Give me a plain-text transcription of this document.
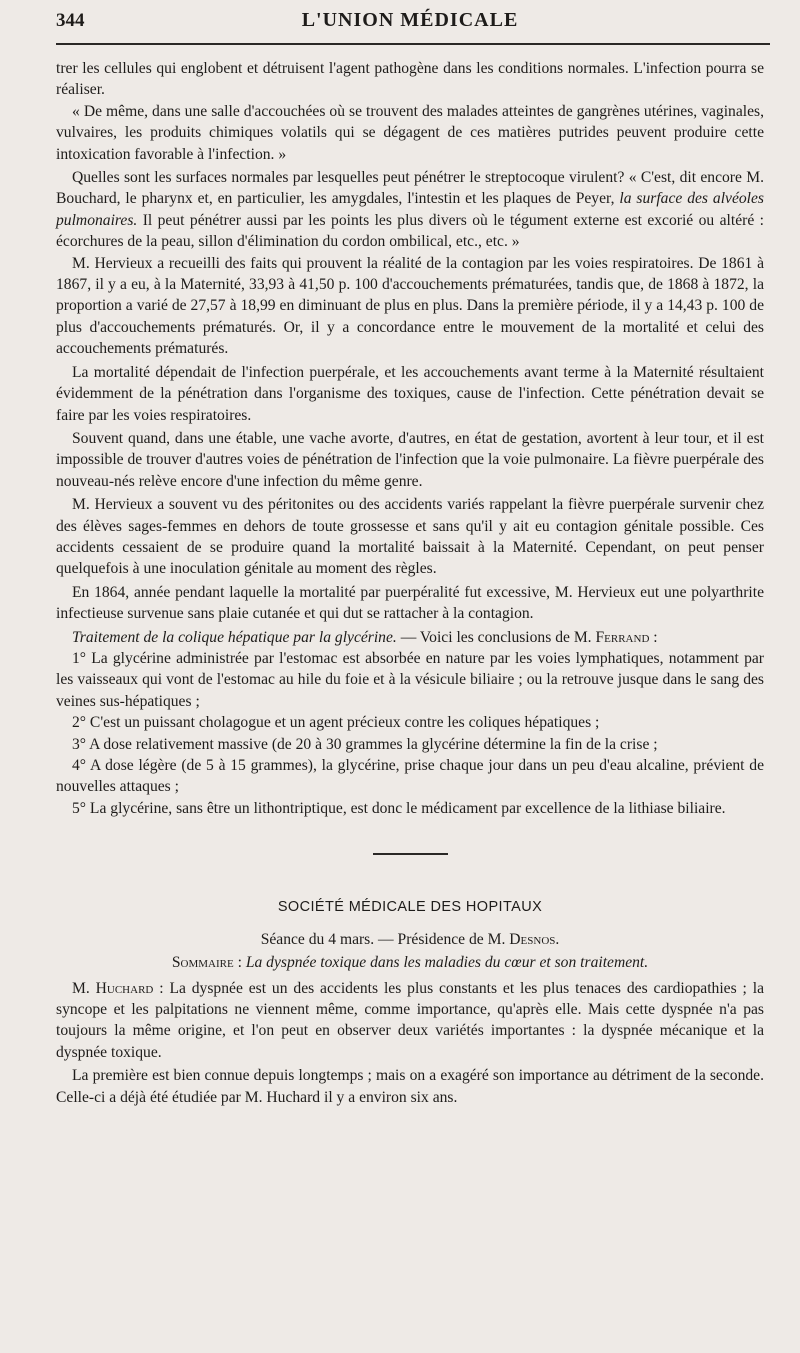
344	L'UNION MÉDICALE

trer les cellules qui englobent et détruisent l'agent pathogène dans les conditions normales. L'infection pourra se réaliser.

« De même, dans une salle d'accouchées où se trouvent des malades atteintes de gangrènes utérines, vaginales, vulvaires, les produits chimiques volatils qui se dégagent de ces matières putrides peuvent produire cette intoxication favorable à l'infection. »

Quelles sont les surfaces normales par lesquelles peut pénétrer le streptocoque virulent? « C'est, dit encore M. Bouchard, le pharynx et, en particulier, les amygdales, l'intestin et les plaques de Peyer, la surface des alvéoles pulmonaires. Il peut pénétrer aussi par les points les plus divers où le tégument externe est excorié ou altéré : écorchures de la peau, sillon d'élimination du cordon ombilical, etc., etc. »

M. Hervieux a recueilli des faits qui prouvent la réalité de la contagion par les voies respiratoires. De 1861 à 1867, il y a eu, à la Maternité, 33,93 à 41,50 p. 100 d'accouchements prématurées, tandis que, de 1868 à 1872, la proportion a varié de 27,57 à 18,99 en diminuant de plus en plus. Dans la première période, il y a 14,43 p. 100 de plus d'accouchements prématurés. Or, il y a concordance entre le mouvement de la mortalité et celui des accouchements prématurés.

La mortalité dépendait de l'infection puerpérale, et les accouchements avant terme à la Maternité résultaient évidemment de la pénétration dans l'organisme des toxiques, cause de l'infection. Cette pénétration devait se faire par les voies respiratoires.

Souvent quand, dans une étable, une vache avorte, d'autres, en état de gestation, avortent à leur tour, et il est impossible de trouver d'autres voies de pénétration de l'infection que la voie pulmonaire. La fièvre puerpérale des nouveau-nés relève encore d'une infection du même genre.

M. Hervieux a souvent vu des péritonites ou des accidents variés rappelant la fièvre puerpérale survenir chez des élèves sages-femmes en dehors de toute grossesse et sans qu'il y ait eu contagion génitale possible. Ces accidents cessaient de se produire quand la mortalité baissait à la Maternité. Cependant, on peut penser quelquefois à une inoculation génitale au moment des règles.

En 1864, année pendant laquelle la mortalité par puerpéralité fut excessive, M. Hervieux eut une polyarthrite infectieuse survenue sans plaie cutanée et qui dut se rattacher à la contagion.

Traitement de la colique hépatique par la glycérine. — Voici les conclusions de M. Ferrand :

1° La glycérine administrée par l'estomac est absorbée en nature par les voies lymphatiques, notamment par les vaisseaux qui vont de l'estomac au hile du foie et à la vésicule biliaire ; ou la retrouve jusque dans le sang des veines sus-hépatiques ;

2° C'est un puissant cholagogue et un agent précieux contre les coliques hépatiques ;

3° A dose relativement massive (de 20 à 30 grammes la glycérine détermine la fin de la crise ;

4° A dose légère (de 5 à 15 grammes), la glycérine, prise chaque jour dans un peu d'eau alcaline, prévient de nouvelles attaques ;

5° La glycérine, sans être un lithontriptique, est donc le médicament par excellence de la lithiase biliaire.

SOCIÉTÉ MÉDICALE DES HOPITAUX
Séance du 4 mars. — Présidence de M. Desnos.
Sommaire : La dyspnée toxique dans les maladies du cœur et son traitement.

M. Huchard : La dyspnée est un des accidents les plus constants et les plus tenaces des cardiopathies ; la syncope et les palpitations ne viennent même, comme importance, qu'après elle. Mais cette dyspnée n'a pas toujours la même origine, et l'on peut en observer deux variétés importantes : la dyspnée mécanique et la dyspnée toxique.

La première est bien connue depuis longtemps ; mais on a exagéré son importance au détriment de la seconde. Celle-ci a déjà été étudiée par M. Huchard il y a environ six ans.
